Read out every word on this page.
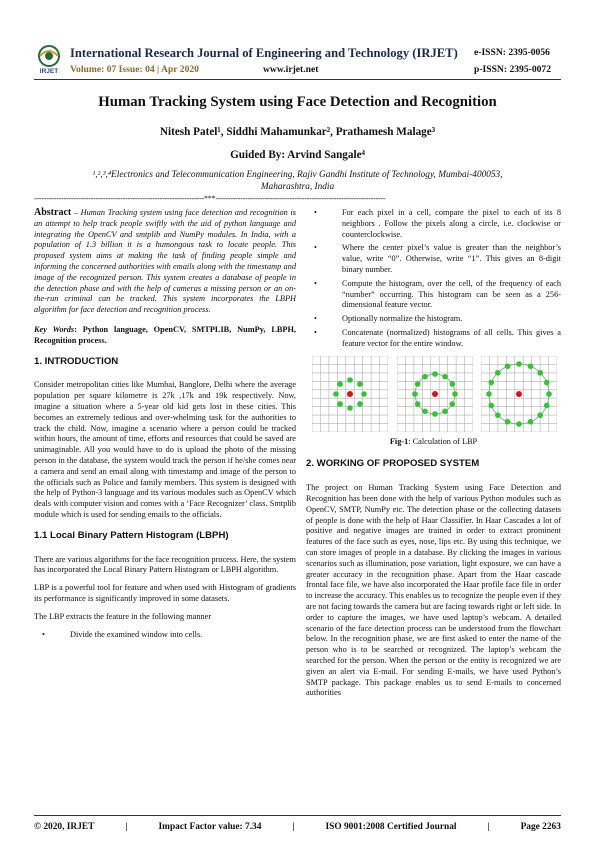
IRJET
International Research Journal of Engineering and Technology (IRJET)
Volume: 07 Issue: 04 | Apr 2020	www.irjet.net
e-ISSN: 2395-0056
p-ISSN: 2395-0072
Human Tracking System using Face Detection and Recognition
Nitesh Patel¹, Siddhi Mahamunkar², Prathamesh Malage³
Guided By: Arvind Sangale⁴
¹,²,³,⁴Electronics and Telecommunication Engineering, Rajiv Gandhi Institute of Technology, Mumbai-400053, Maharashtra, India
---------------------------------------------------------------------***---------------------------------------------------------------------

Abstract – Human Tracking system using face detection and recognition is an attempt to help track people swiftly with the aid of python language and integrating the OpenCV and smtplib and NumPy modules. In India, with a population of 1.3 billion it is a humongous task to locate people. This proposed system aims at making the task of finding people simple and informing the concerned authorities with emails along with the timestamp and image of the recognized person. This system creates a database of people in the detection phase and with the help of cameras a missing person or an on-the-run criminal can be tracked. This system incorporates the LBPH algorithm for face detection and recognition process.

Key Words: Python language, OpenCV, SMTPLIB, NumPy, LBPH, Recognition process.

1. INTRODUCTION

Consider metropolitan cities like Mumbai, Banglore, Delhi where the average population per square kilometre is 27k ,17k and 19k respectively. Now, imagine a situation where a 5-year old kid gets lost in these cities. This becomes an extremely tedious and over-whelming task for the authorities to track the child. Now, imagine a scenario where a person could be tracked within hours, the amount of time, efforts and resources that could be saved are unimaginable. All you would have to do is upload the photo of the missing person in the database, the system would track the person if he/she comes near a camera and send an email along with timestamp and image of the person to the officials such as Police and family members. This system is designed with the help of Python-3 language and its various modules such as OpenCV which deals with computer vision and comes with a ‘Face Recognizer’ class. Smtplib module which is used for sending emails to the officials.

1.1 Local Binary Pattern Histogram (LBPH)

There are various algorithms for the face recognition process. Here, the system has incorporated the Local Binary Pattern Histogram or LBPH algorithm.

LBP is a powerful tool for feature and when used with Histogram of gradients its performance is significantly improved in some datasets.

The LBP extracts the feature in the following manner

• Divide the examined window into cells.
• For each pixel in a cell, compare the pixel to each of its 8 neighbors . Follow the pixels along a circle, i.e. clockwise or counterclockwise.
• Where the center pixel’s value is greater than the neighbor’s value, write “0”. Otherwise, write “1”. This gives an 8-digit binary number.
• Compute the histogram, over the cell, of the frequency of each “number” occurring. This histogram can be seen as a 256-dimensional feature vector.
• Optionally normalize the histogram.
• Concatenate (normalized) histograms of all cells. This gives a feature vector for the entire window.
Fig-1: Calculation of LBP
2. WORKING OF PROPOSED SYSTEM

The project on Human Tracking System using Face Detection and Recognition has been done with the help of various Python modules such as OpenCV, SMTP, NumPy etc. The detection phase or the collecting datasets of people is done with the help of Haar Classifier. In Haar Cascades a lot of positive and negative images are trained in order to extract prominent features of the face such as eyes, nose, lips etc. By using this technique, we can store images of people in a database. By clicking the images in various scenarios such as illumination, pose variation, light exposure, we can have a greater accuracy in the recognition phase. Apart from the Haar cascade frontal face file, we have also incorporated the Haar profile face file in order to increase the accuracy. This enables us to recognize the people even if they are not facing towards the camera but are facing towards right or left side. In order to capture the images, we have used laptop’s webcam. A detailed scenario of the face detection process can be understood from the flowchart below. In the recognition phase, we are first asked to enter the name of the person who is to be searched or recognized. The laptop’s webcam the searched for the person. When the person or the entity is recognized we are given an alert via E-mail. For sending E-mails, we have used Python’s SMTP package. This package enables us to send E-mails to concerned authorities

© 2020, IRJET	|	Impact Factor value: 7.34	|	ISO 9001:2008 Certified Journal	|	Page 2263
